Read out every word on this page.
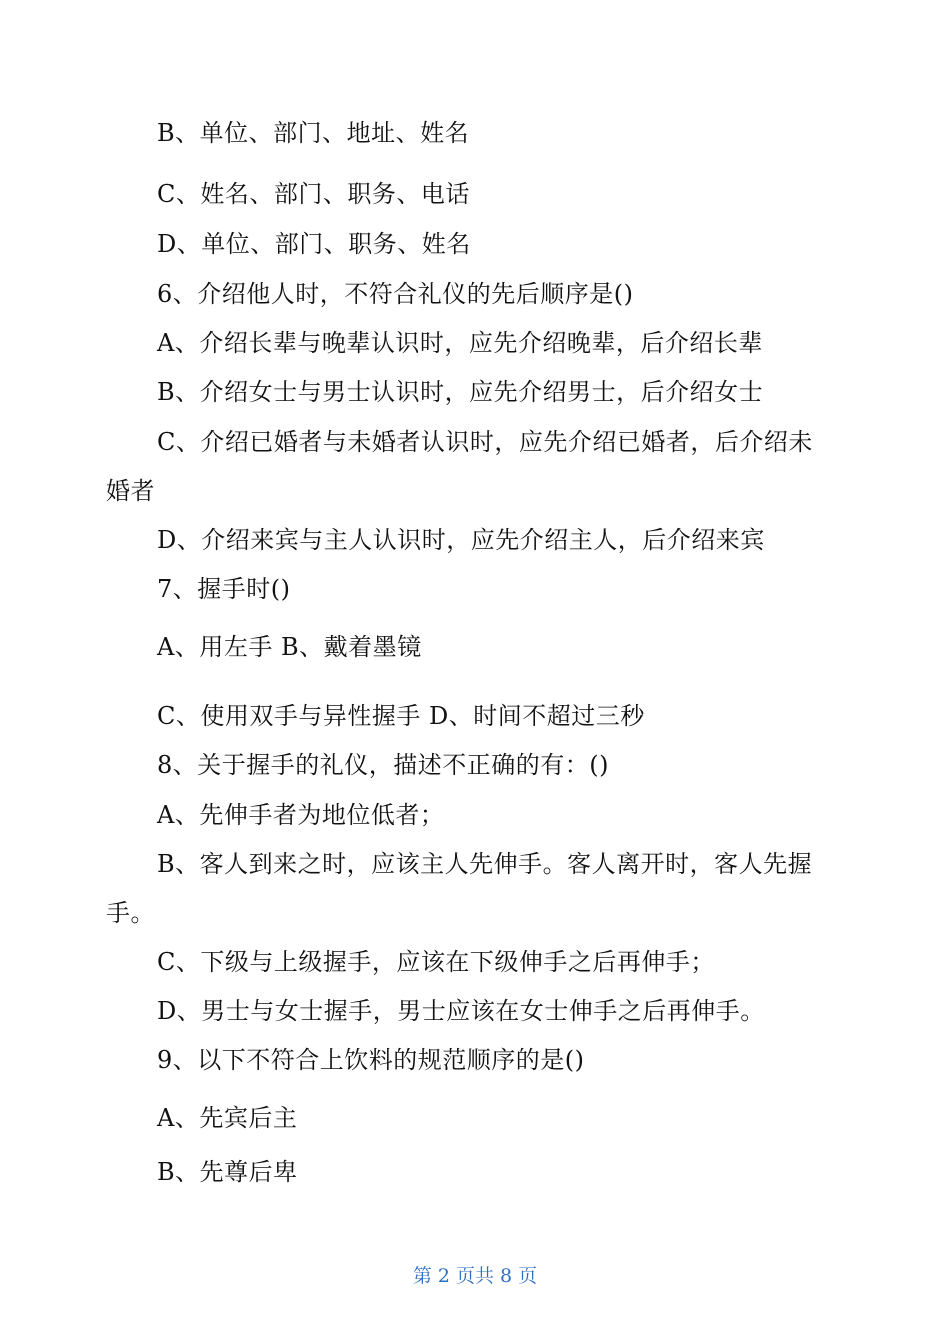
B、单位、部门、地址、姓名
C、姓名、部门、职务、电话
D、单位、部门、职务、姓名
6、介绍他人时，不符合礼仪的先后顺序是()
A、介绍长辈与晚辈认识时，应先介绍晚辈，后介绍长辈
B、介绍女士与男士认识时，应先介绍男士，后介绍女士
C、介绍已婚者与未婚者认识时，应先介绍已婚者，后介绍未
婚者
D、介绍来宾与主人认识时，应先介绍主人，后介绍来宾
7、握手时()
A、用左手 B、戴着墨镜
C、使用双手与异性握手 D、时间不超过三秒
8、关于握手的礼仪，描述不正确的有：()
A、先伸手者为地位低者；
B、客人到来之时，应该主人先伸手。客人离开时，客人先握
手。
C、下级与上级握手，应该在下级伸手之后再伸手；
D、男士与女士握手，男士应该在女士伸手之后再伸手。
9、以下不符合上饮料的规范顺序的是()
A、先宾后主
B、先尊后卑
第 2 页共 8 页
